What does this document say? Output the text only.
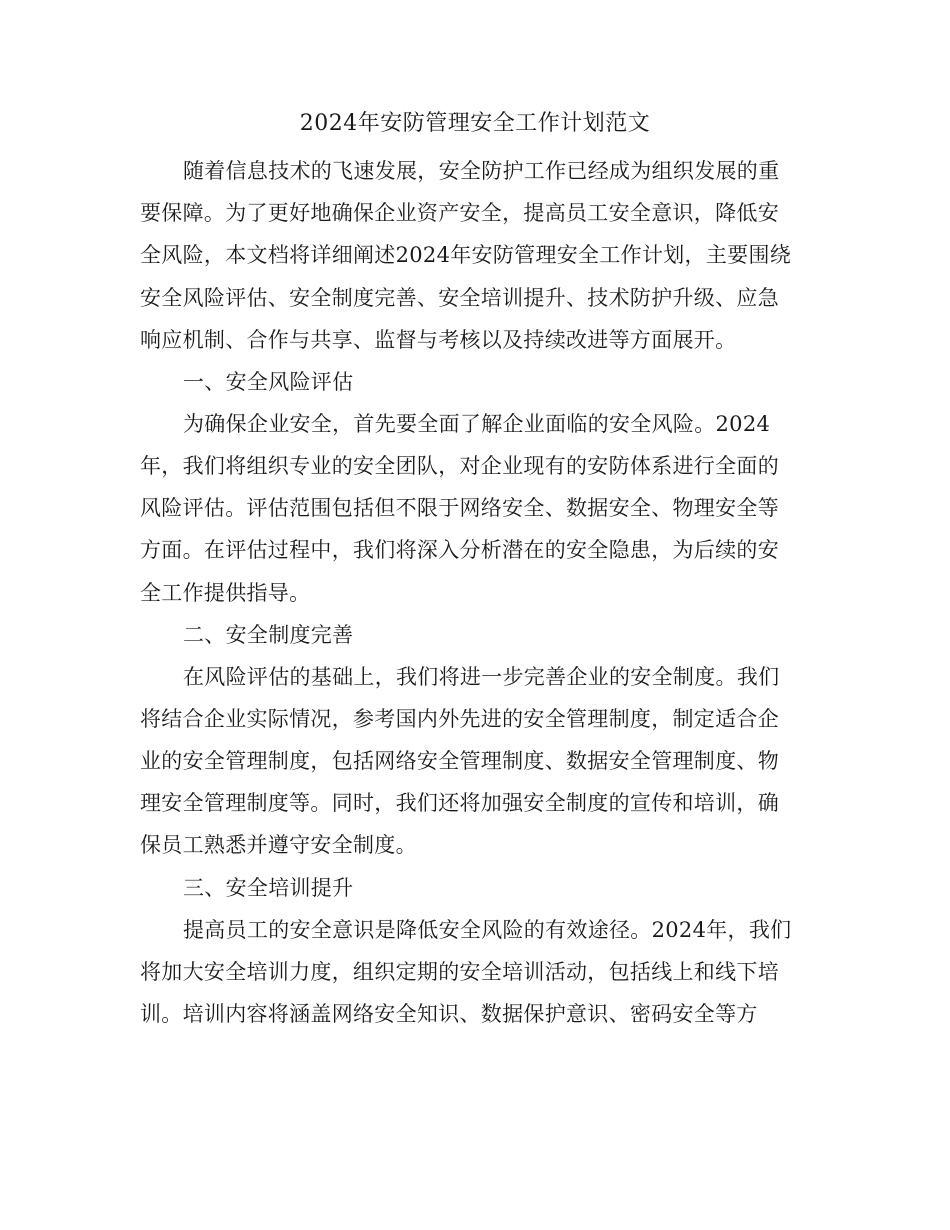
2024年安防管理安全工作计划范文
随着信息技术的飞速发展，安全防护工作已经成为组织发展的重
要保障。为了更好地确保企业资产安全，提高员工安全意识，降低安
全风险，本文档将详细阐述2024年安防管理安全工作计划，主要围绕
安全风险评估、安全制度完善、安全培训提升、技术防护升级、应急
响应机制、合作与共享、监督与考核以及持续改进等方面展开。
一、安全风险评估
为确保企业安全，首先要全面了解企业面临的安全风险。2024
年，我们将组织专业的安全团队，对企业现有的安防体系进行全面的
风险评估。评估范围包括但不限于网络安全、数据安全、物理安全等
方面。在评估过程中，我们将深入分析潜在的安全隐患，为后续的安
全工作提供指导。
二、安全制度完善
在风险评估的基础上，我们将进一步完善企业的安全制度。我们
将结合企业实际情况，参考国内外先进的安全管理制度，制定适合企
业的安全管理制度，包括网络安全管理制度、数据安全管理制度、物
理安全管理制度等。同时，我们还将加强安全制度的宣传和培训，确
保员工熟悉并遵守安全制度。
三、安全培训提升
提高员工的安全意识是降低安全风险的有效途径。2024年，我们
将加大安全培训力度，组织定期的安全培训活动，包括线上和线下培
训。培训内容将涵盖网络安全知识、数据保护意识、密码安全等方
